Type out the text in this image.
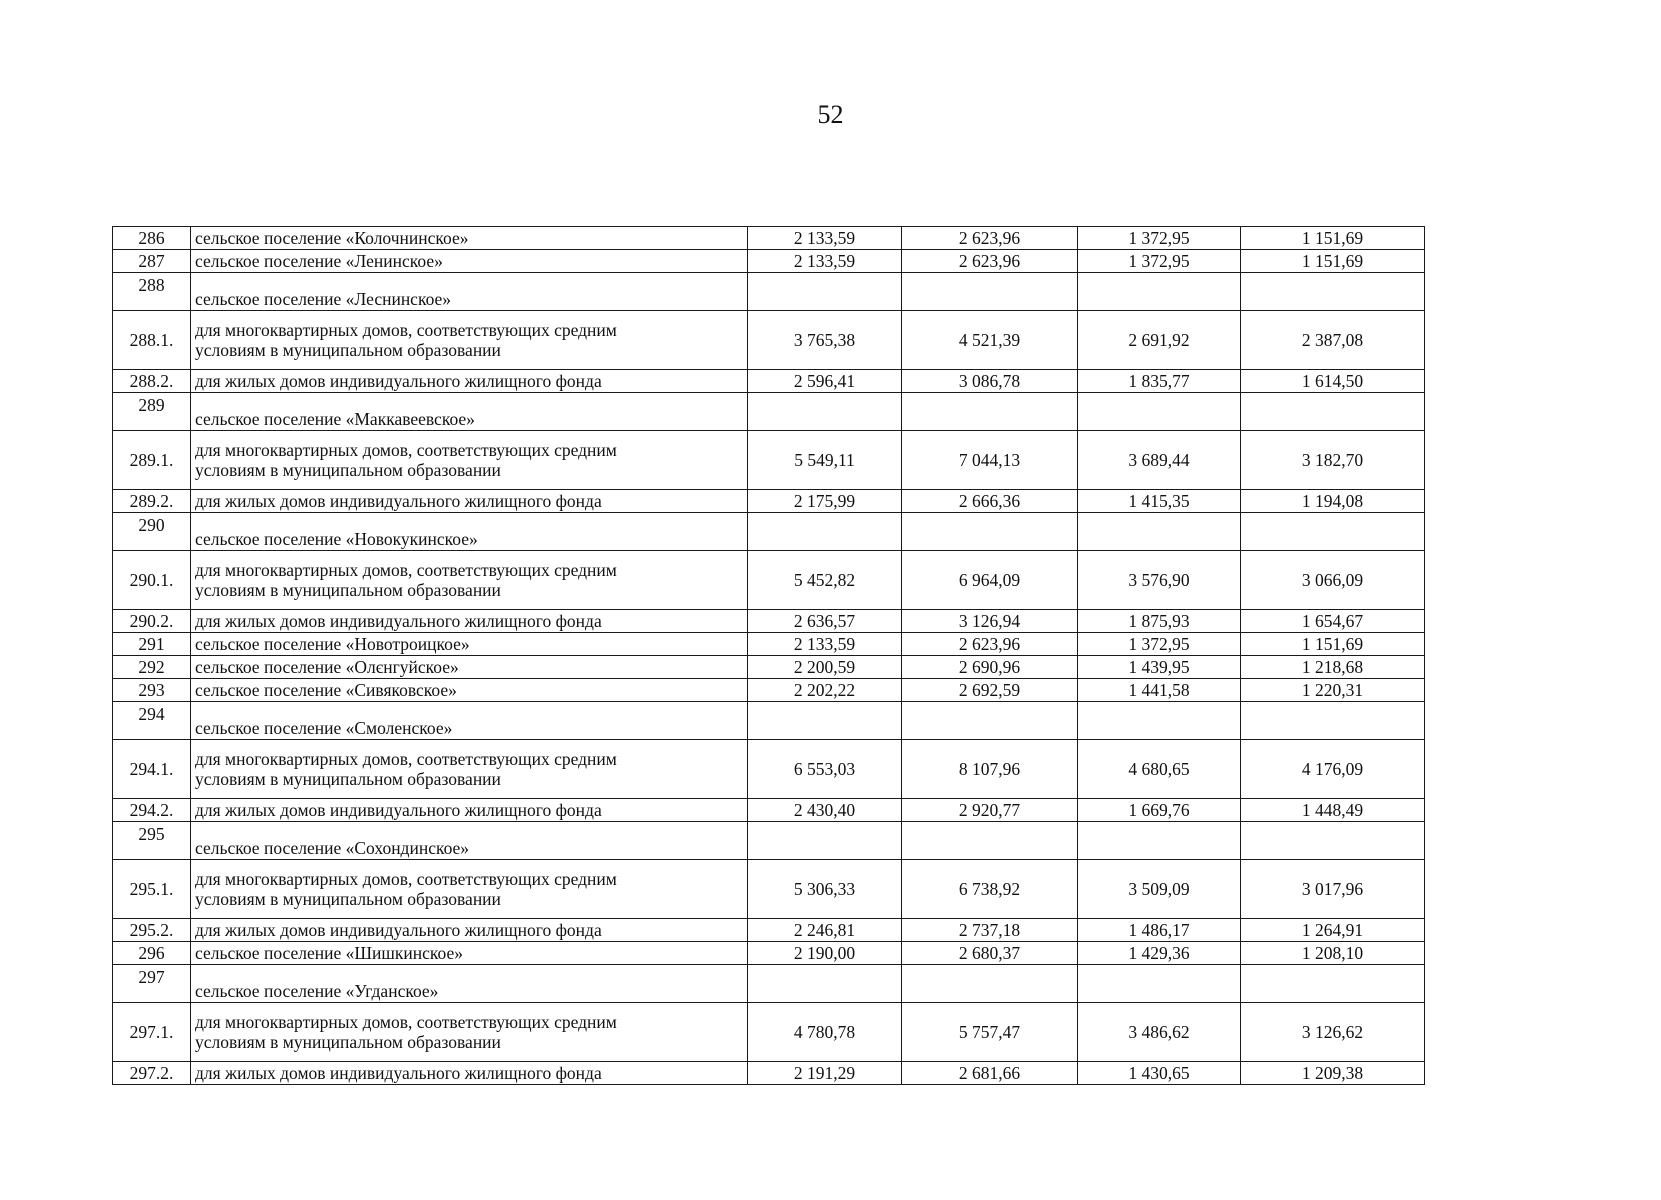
52
286	сельское поселение «Колочнинское»	2 133,59	2 623,96	1 372,95	1 151,69
287	сельское поселение «Ленинское»	2 133,59	2 623,96	1 372,95	1 151,69
288	сельское поселение «Леснинское»				

288.1.	для многоквартирных домов, соответствующих средним
условиям в муниципальном образовании	3 765,38	4 521,39	2 691,92	2 387,08
288.2.	для жилых домов индивидуального жилищного фонда	2 596,41	3 086,78	1 835,77	1 614,50
289	сельское поселение «Маккавеевское»				

289.1.	для многоквартирных домов, соответствующих средним
условиям в муниципальном образовании	5 549,11	7 044,13	3 689,44	3 182,70
289.2.	для жилых домов индивидуального жилищного фонда	2 175,99	2 666,36	1 415,35	1 194,08
290	сельское поселение «Новокукинское»				

290.1.	для многоквартирных домов, соответствующих средним
условиям в муниципальном образовании	5 452,82	6 964,09	3 576,90	3 066,09
290.2.	для жилых домов индивидуального жилищного фонда	2 636,57	3 126,94	1 875,93	1 654,67
291	сельское поселение «Новотроицкое»	2 133,59	2 623,96	1 372,95	1 151,69
292	сельское поселение «Олєнгуйское»	2 200,59	2 690,96	1 439,95	1 218,68
293	сельское поселение «Сивяковское»	2 202,22	2 692,59	1 441,58	1 220,31
294	сельское поселение «Смоленское»				

294.1.	для многоквартирных домов, соответствующих средним
условиям в муниципальном образовании	6 553,03	8 107,96	4 680,65	4 176,09
294.2.	для жилых домов индивидуального жилищного фонда	2 430,40	2 920,77	1 669,76	1 448,49
295	сельское поселение «Сохондинское»				

295.1.	для многоквартирных домов, соответствующих средним
условиям в муниципальном образовании	5 306,33	6 738,92	3 509,09	3 017,96
295.2.	для жилых домов индивидуального жилищного фонда	2 246,81	2 737,18	1 486,17	1 264,91
296	сельское поселение «Шишкинское»	2 190,00	2 680,37	1 429,36	1 208,10
297	сельское поселение «Угданское»				

297.1.	для многоквартирных домов, соответствующих средним
условиям в муниципальном образовании	4 780,78	5 757,47	3 486,62	3 126,62
297.2.	для жилых домов индивидуального жилищного фонда	2 191,29	2 681,66	1 430,65	1 209,38
